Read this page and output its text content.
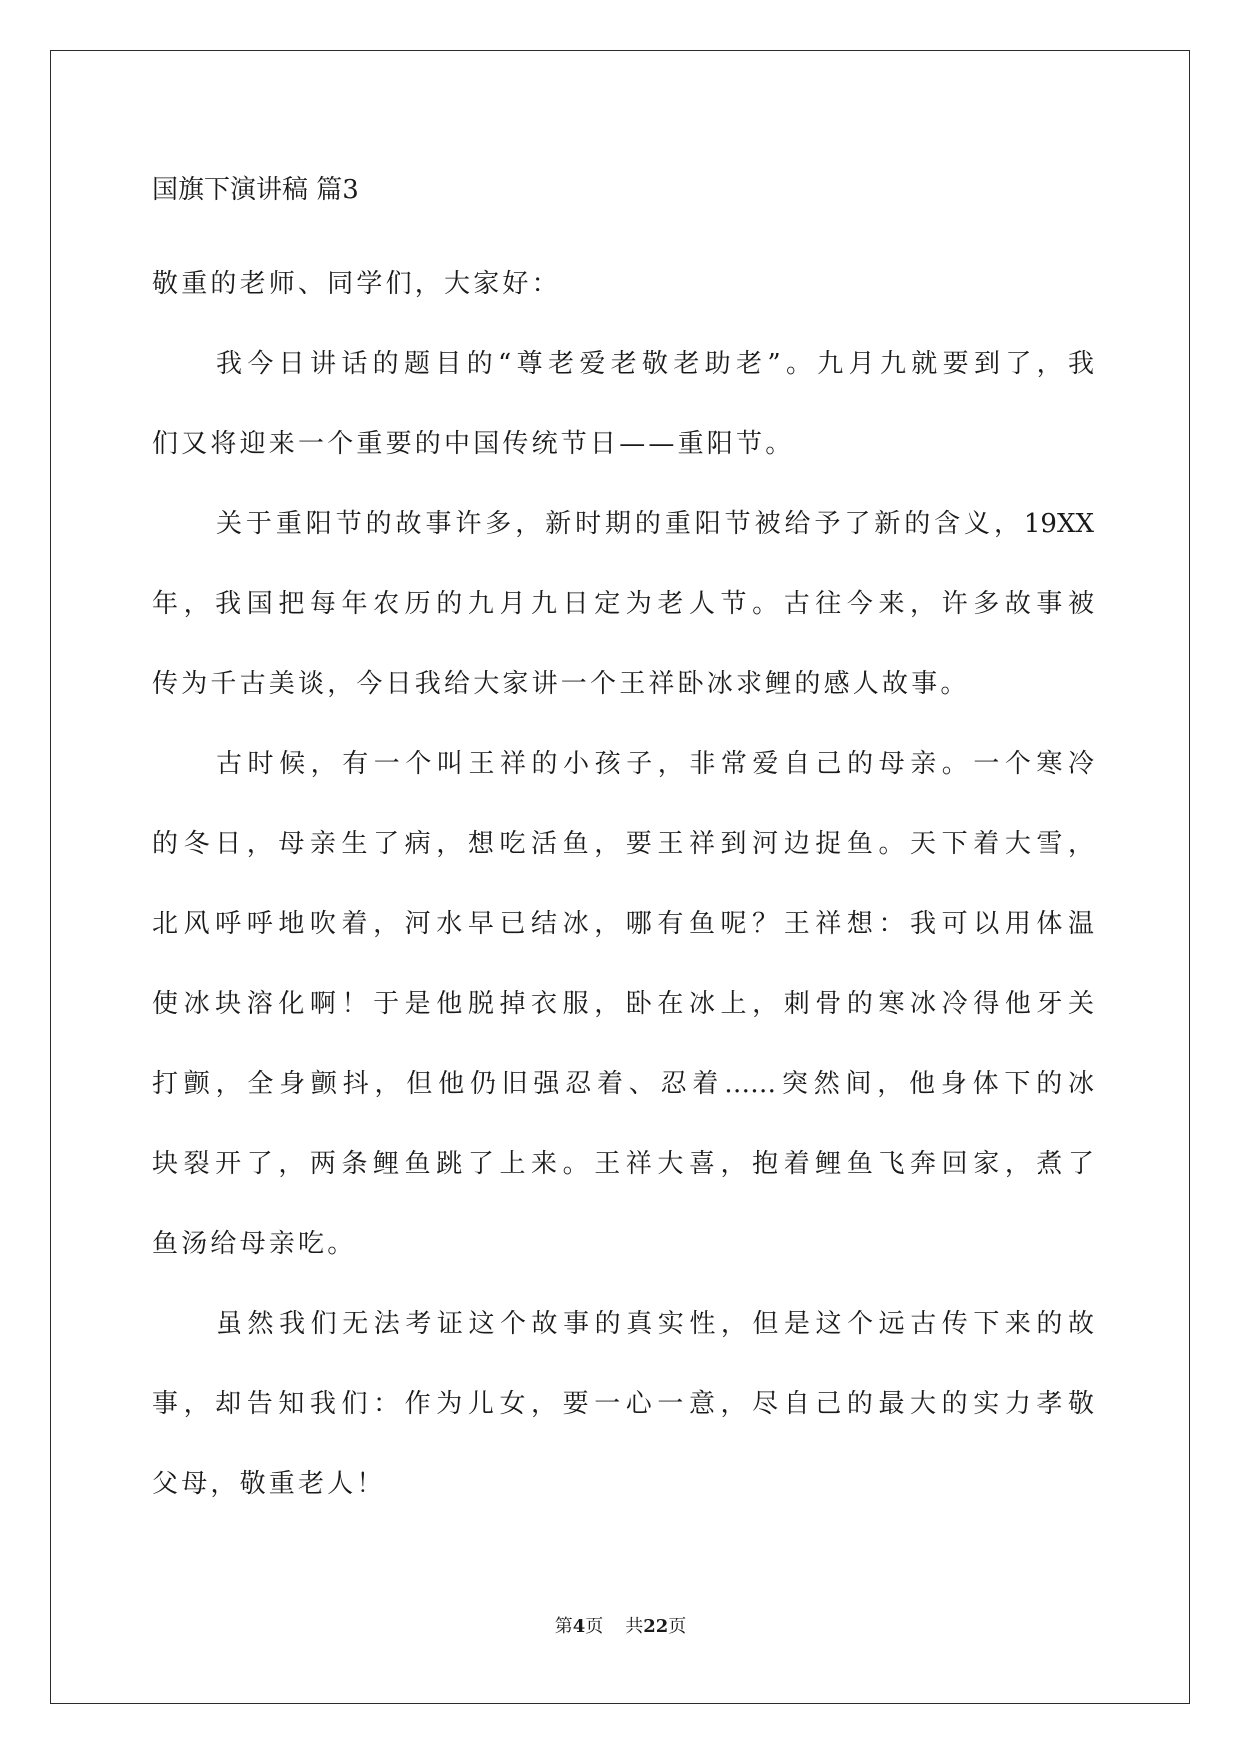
国旗下演讲稿 篇3
敬重的老师、同学们，大家好：
我今日讲话的题目的“尊老爱老敬老助老”。九月九就要到了，我
们又将迎来一个重要的中国传统节日——重阳节。
关于重阳节的故事许多，新时期的重阳节被给予了新的含义，19XX
年，我国把每年农历的九月九日定为老人节。古往今来，许多故事被
传为千古美谈，今日我给大家讲一个王祥卧冰求鲤的感人故事。
古时候，有一个叫王祥的小孩子，非常爱自己的母亲。一个寒冷
的冬日，母亲生了病，想吃活鱼，要王祥到河边捉鱼。天下着大雪，
北风呼呼地吹着，河水早已结冰，哪有鱼呢？王祥想：我可以用体温
使冰块溶化啊！于是他脱掉衣服，卧在冰上，刺骨的寒冰冷得他牙关
打颤，全身颤抖，但他仍旧强忍着、忍着……突然间，他身体下的冰
块裂开了，两条鲤鱼跳了上来。王祥大喜，抱着鲤鱼飞奔回家，煮了
鱼汤给母亲吃。
虽然我们无法考证这个故事的真实性，但是这个远古传下来的故
事，却告知我们：作为儿女，要一心一意，尽自己的最大的实力孝敬
父母，敬重老人！
第4页 共22页
